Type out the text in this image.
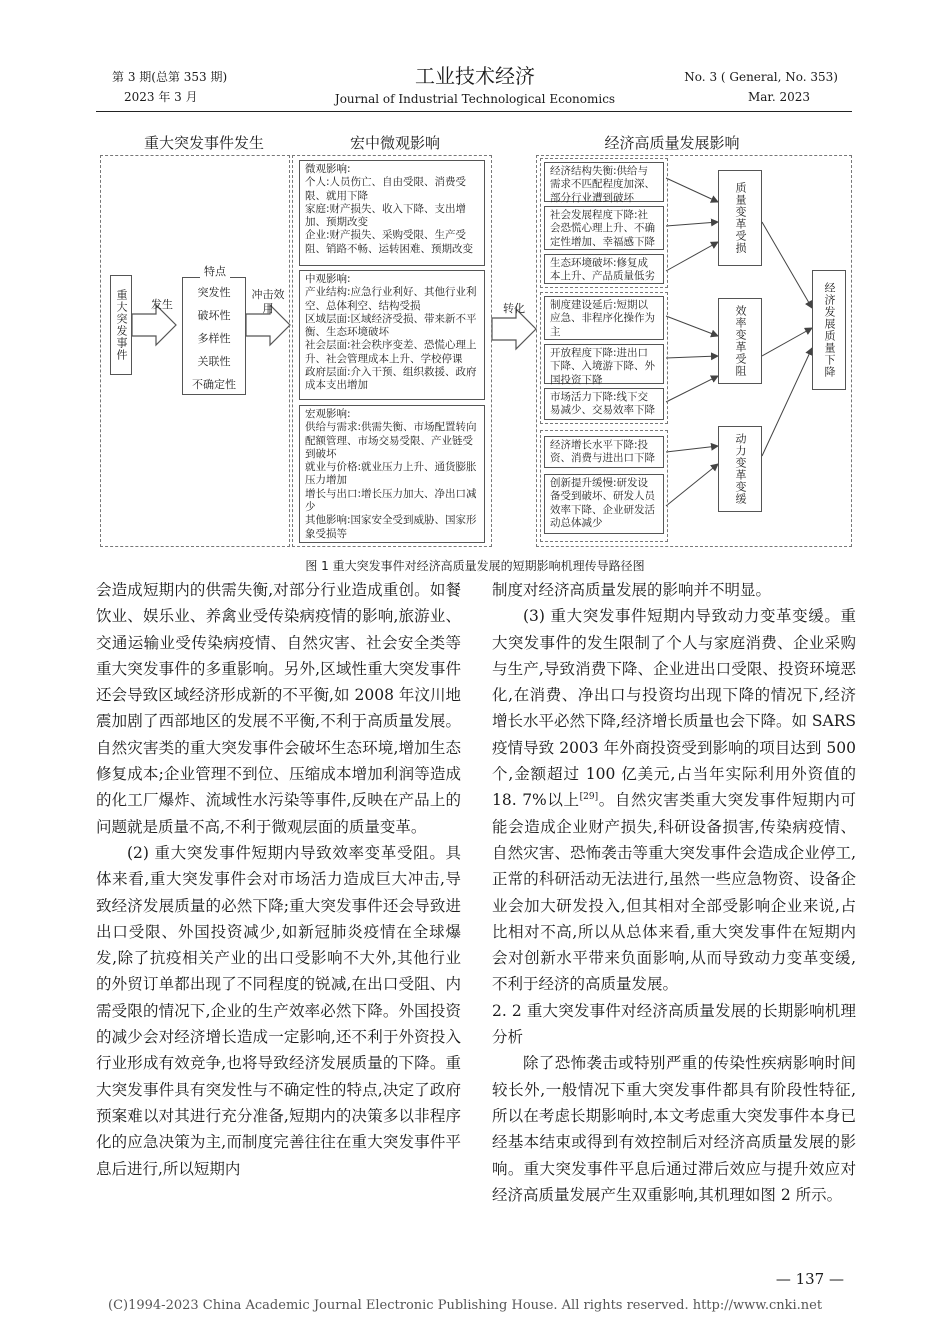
第 3 期(总第 353 期)
2023 年 3 月
工业技术经济
Journal of Industrial Technological Economics
No. 3 ( General, No. 353)
Mar. 2023
重大突发事件发生	宏中微观影响	经济高质量发展影响
重大突发事件	发生
特点
突发性
破坏性
多样性
关联性
不确定性
冲击效用
微观影响:
个人:人员伤亡、自由受限、消费受限、就用下降
家庭:财产损失、收入下降、支出增加、预期改变
企业:财产损失、采购受限、生产受阻、销路不畅、运转困难、预期改变
中观影响:
产业结构:应急行业利好、其他行业利空、总体利空、结构受损
区域层面:区域经济受损、带来新不平衡、生态环境破坏
社会层面:社会秩序变差、恐慌心理上升、社会管理成本上升、学校停课
政府层面:介入干预、组织救援、政府成本支出增加
宏观影响:
供给与需求:供需失衡、市场配置转向配额管理、市场交易受限、产业链受到破坏
就业与价格:就业压力上升、通货膨胀压力增加
增长与出口:增长压力加大、净出口减少
其他影响:国家安全受到威胁、国家形象受损等
转化
经济结构失衡:供给与需求不匹配程度加深、部分行业遭到破坏
社会发展程度下降:社会恐慌心理上升、不确定性增加、幸福感下降
生态环境破坏:修复成本上升、产品质量低劣
制度建设延后:短期以应急、非程序化操作为主
开放程度下降:进出口下降、入境游下降、外国投资下降
市场活力下降:线下交易减少、交易效率下降
经济增长水平下降:投资、消费与进出口下降
创新提升缓慢:研发设备受到破坏、研发人员效率下降、企业研发活动总体减少
质量变革受损
效率变革受阻
动力变革变缓
经济发展质量下降
图 1 重大突发事件对经济高质量发展的短期影响机理传导路径图

会造成短期内的供需失衡,对部分行业造成重创。如餐饮业、娱乐业、养禽业受传染病疫情的影响,旅游业、交通运输业受传染病疫情、自然灾害、社会安全类等重大突发事件的多重影响。另外,区域性重大突发事件还会导致区域经济形成新的不平衡,如 2008 年汶川地震加剧了西部地区的发展不平衡,不利于高质量发展。自然灾害类的重大突发事件会破坏生态环境,增加生态修复成本;企业管理不到位、压缩成本增加利润等造成的化工厂爆炸、流域性水污染等事件,反映在产品上的问题就是质量不高,不利于微观层面的质量变革。

(2) 重大突发事件短期内导致效率变革受阻。具体来看,重大突发事件会对市场活力造成巨大冲击,导致经济发展质量的必然下降;重大突发事件还会导致进出口受限、外国投资减少,如新冠肺炎疫情在全球爆发,除了抗疫相关产业的出口受影响不大外,其他行业的外贸订单都出现了不同程度的锐减,在出口受阻、内需受限的情况下,企业的生产效率必然下降。外国投资的减少会对经济增长造成一定影响,还不利于外资投入行业形成有效竞争,也将导致经济发展质量的下降。重大突发事件具有突发性与不确定性的特点,决定了政府预案难以对其进行充分准备,短期内的决策多以非程序化的应急决策为主,而制度完善往往在重大突发事件平息后进行,所以短期内

制度对经济高质量发展的影响并不明显。

(3) 重大突发事件短期内导致动力变革变缓。重大突发事件的发生限制了个人与家庭消费、企业采购与生产,导致消费下降、企业进出口受限、投资环境恶化,在消费、净出口与投资均出现下降的情况下,经济增长水平必然下降,经济增长质量也会下降。如 SARS 疫情导致 2003 年外商投资受到影响的项目达到 500 个,金额超过 100 亿美元,占当年实际利用外资值的 18. 7%以上[29]。自然灾害类重大突发事件短期内可能会造成企业财产损失,科研设备损害,传染病疫情、自然灾害、恐怖袭击等重大突发事件会造成企业停工,正常的科研活动无法进行,虽然一些应急物资、设备企业会加大研发投入,但其相对全部受影响企业来说,占比相对不高,所以从总体来看,重大突发事件在短期内会对创新水平带来负面影响,从而导致动力变革变缓,不利于经济的高质量发展。

2. 2 重大突发事件对经济高质量发展的长期影响机理分析

除了恐怖袭击或特别严重的传染性疾病影响时间较长外,一般情况下重大突发事件都具有阶段性特征,所以在考虑长期影响时,本文考虑重大突发事件本身已经基本结束或得到有效控制后对经济高质量发展的影响。重大突发事件平息后通过滞后效应与提升效应对经济高质量发展产生双重影响,其机理如图 2 所示。

— 137 —
(C)1994-2023 China Academic Journal Electronic Publishing House. All rights reserved. http://www.cnki.net
